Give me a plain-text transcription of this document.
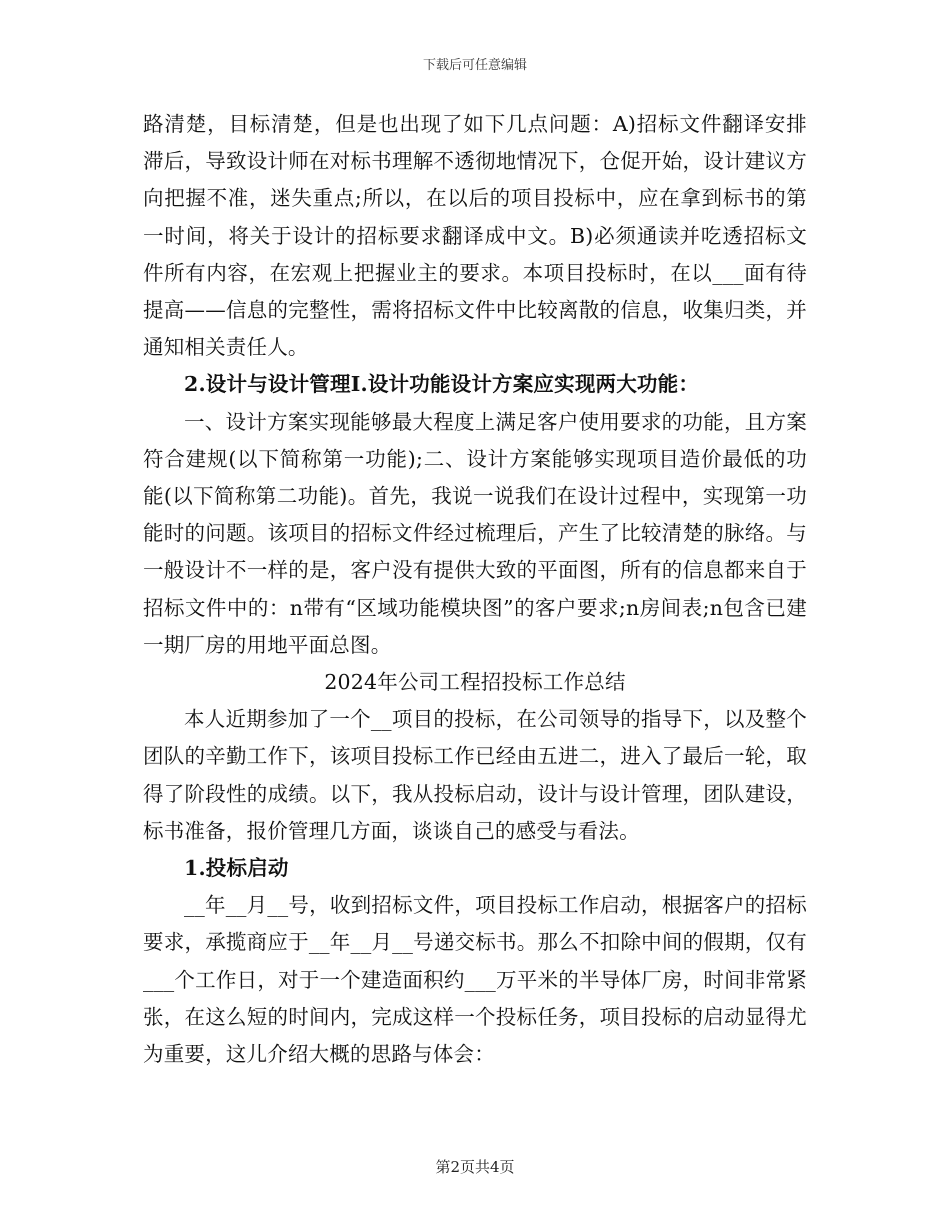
下载后可任意编辑

路清楚，目标清楚，但是也出现了如下几点问题：A)招标文件翻译安排滞后，导致设计师在对标书理解不透彻地情况下，仓促开始，设计建议方向把握不准，迷失重点;所以，在以后的项目投标中，应在拿到标书的第一时间，将关于设计的招标要求翻译成中文。B)必须通读并吃透招标文件所有内容，在宏观上把握业主的要求。本项目投标时，在以___面有待提高——信息的完整性，需将招标文件中比较离散的信息，收集归类，并通知相关责任人。

2.设计与设计管理I.设计功能设计方案应实现两大功能：

一、设计方案实现能够最大程度上满足客户使用要求的功能，且方案符合建规(以下简称第一功能);二、设计方案能够实现项目造价最低的功能(以下简称第二功能)。首先，我说一说我们在设计过程中，实现第一功能时的问题。该项目的招标文件经过梳理后，产生了比较清楚的脉络。与一般设计不一样的是，客户没有提供大致的平面图，所有的信息都来自于招标文件中的：n带有“区域功能模块图”的客户要求;n房间表;n包含已建一期厂房的用地平面总图。

2024年公司工程招投标工作总结

本人近期参加了一个__项目的投标，在公司领导的指导下，以及整个团队的辛勤工作下，该项目投标工作已经由五进二，进入了最后一轮，取得了阶段性的成绩。以下，我从投标启动，设计与设计管理，团队建设，标书准备，报价管理几方面，谈谈自己的感受与看法。

1.投标启动

__年__月__号，收到招标文件，项目投标工作启动，根据客户的招标要求，承揽商应于__年__月__号递交标书。那么不扣除中间的假期，仅有___个工作日，对于一个建造面积约___万平米的半导体厂房，时间非常紧张，在这么短的时间内，完成这样一个投标任务，项目投标的启动显得尤为重要，这儿介绍大概的思路与体会：

第2页共4页
